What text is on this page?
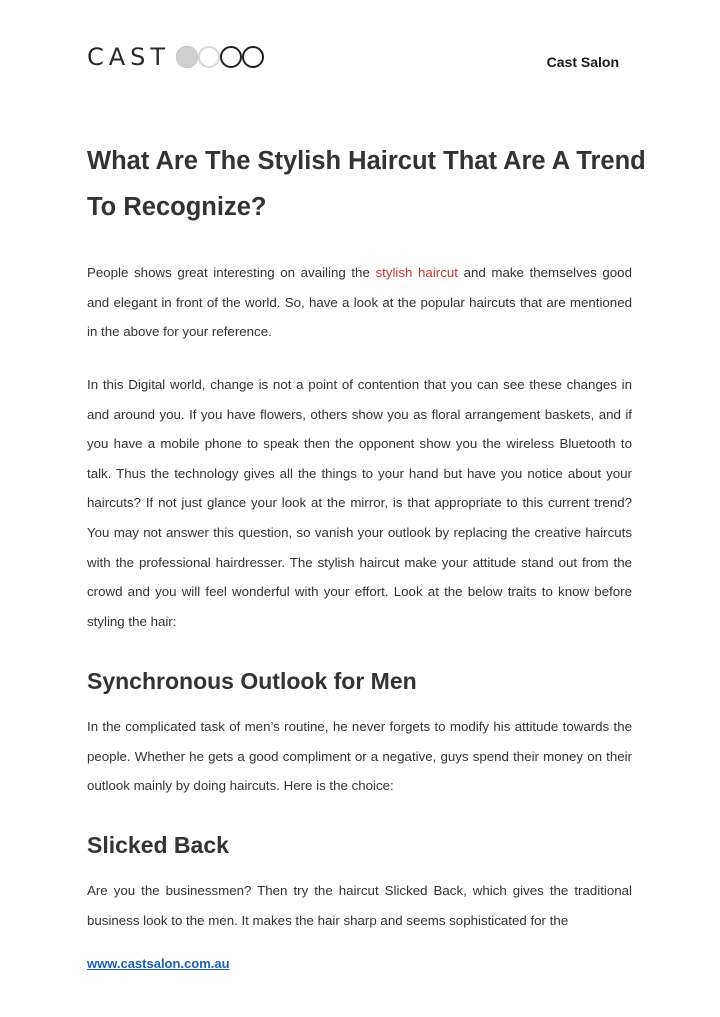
CAST	Cast Salon
What Are The Stylish Haircut That Are A Trend To Recognize?

People shows great interesting on availing the stylish haircut and make themselves good and elegant in front of the world. So, have a look at the popular haircuts that are mentioned in the above for your reference.

In this Digital world, change is not a point of contention that you can see these changes in and around you. If you have flowers, others show you as floral arrangement baskets, and if you have a mobile phone to speak then the opponent show you the wireless Bluetooth to talk. Thus the technology gives all the things to your hand but have you notice about your haircuts? If not just glance your look at the mirror, is that appropriate to this current trend? You may not answer this question, so vanish your outlook by replacing the creative haircuts with the professional hairdresser. The stylish haircut make your attitude stand out from the crowd and you will feel wonderful with your effort. Look at the below traits to know before styling the hair:

Synchronous Outlook for Men

In the complicated task of men’s routine, he never forgets to modify his attitude towards the people. Whether he gets a good compliment or a negative, guys spend their money on their outlook mainly by doing haircuts. Here is the choice:

Slicked Back

Are you the businessmen? Then try the haircut Slicked Back, which gives the traditional business look to the men. It makes the hair sharp and seems sophisticated for the

www.castsalon.com.au
